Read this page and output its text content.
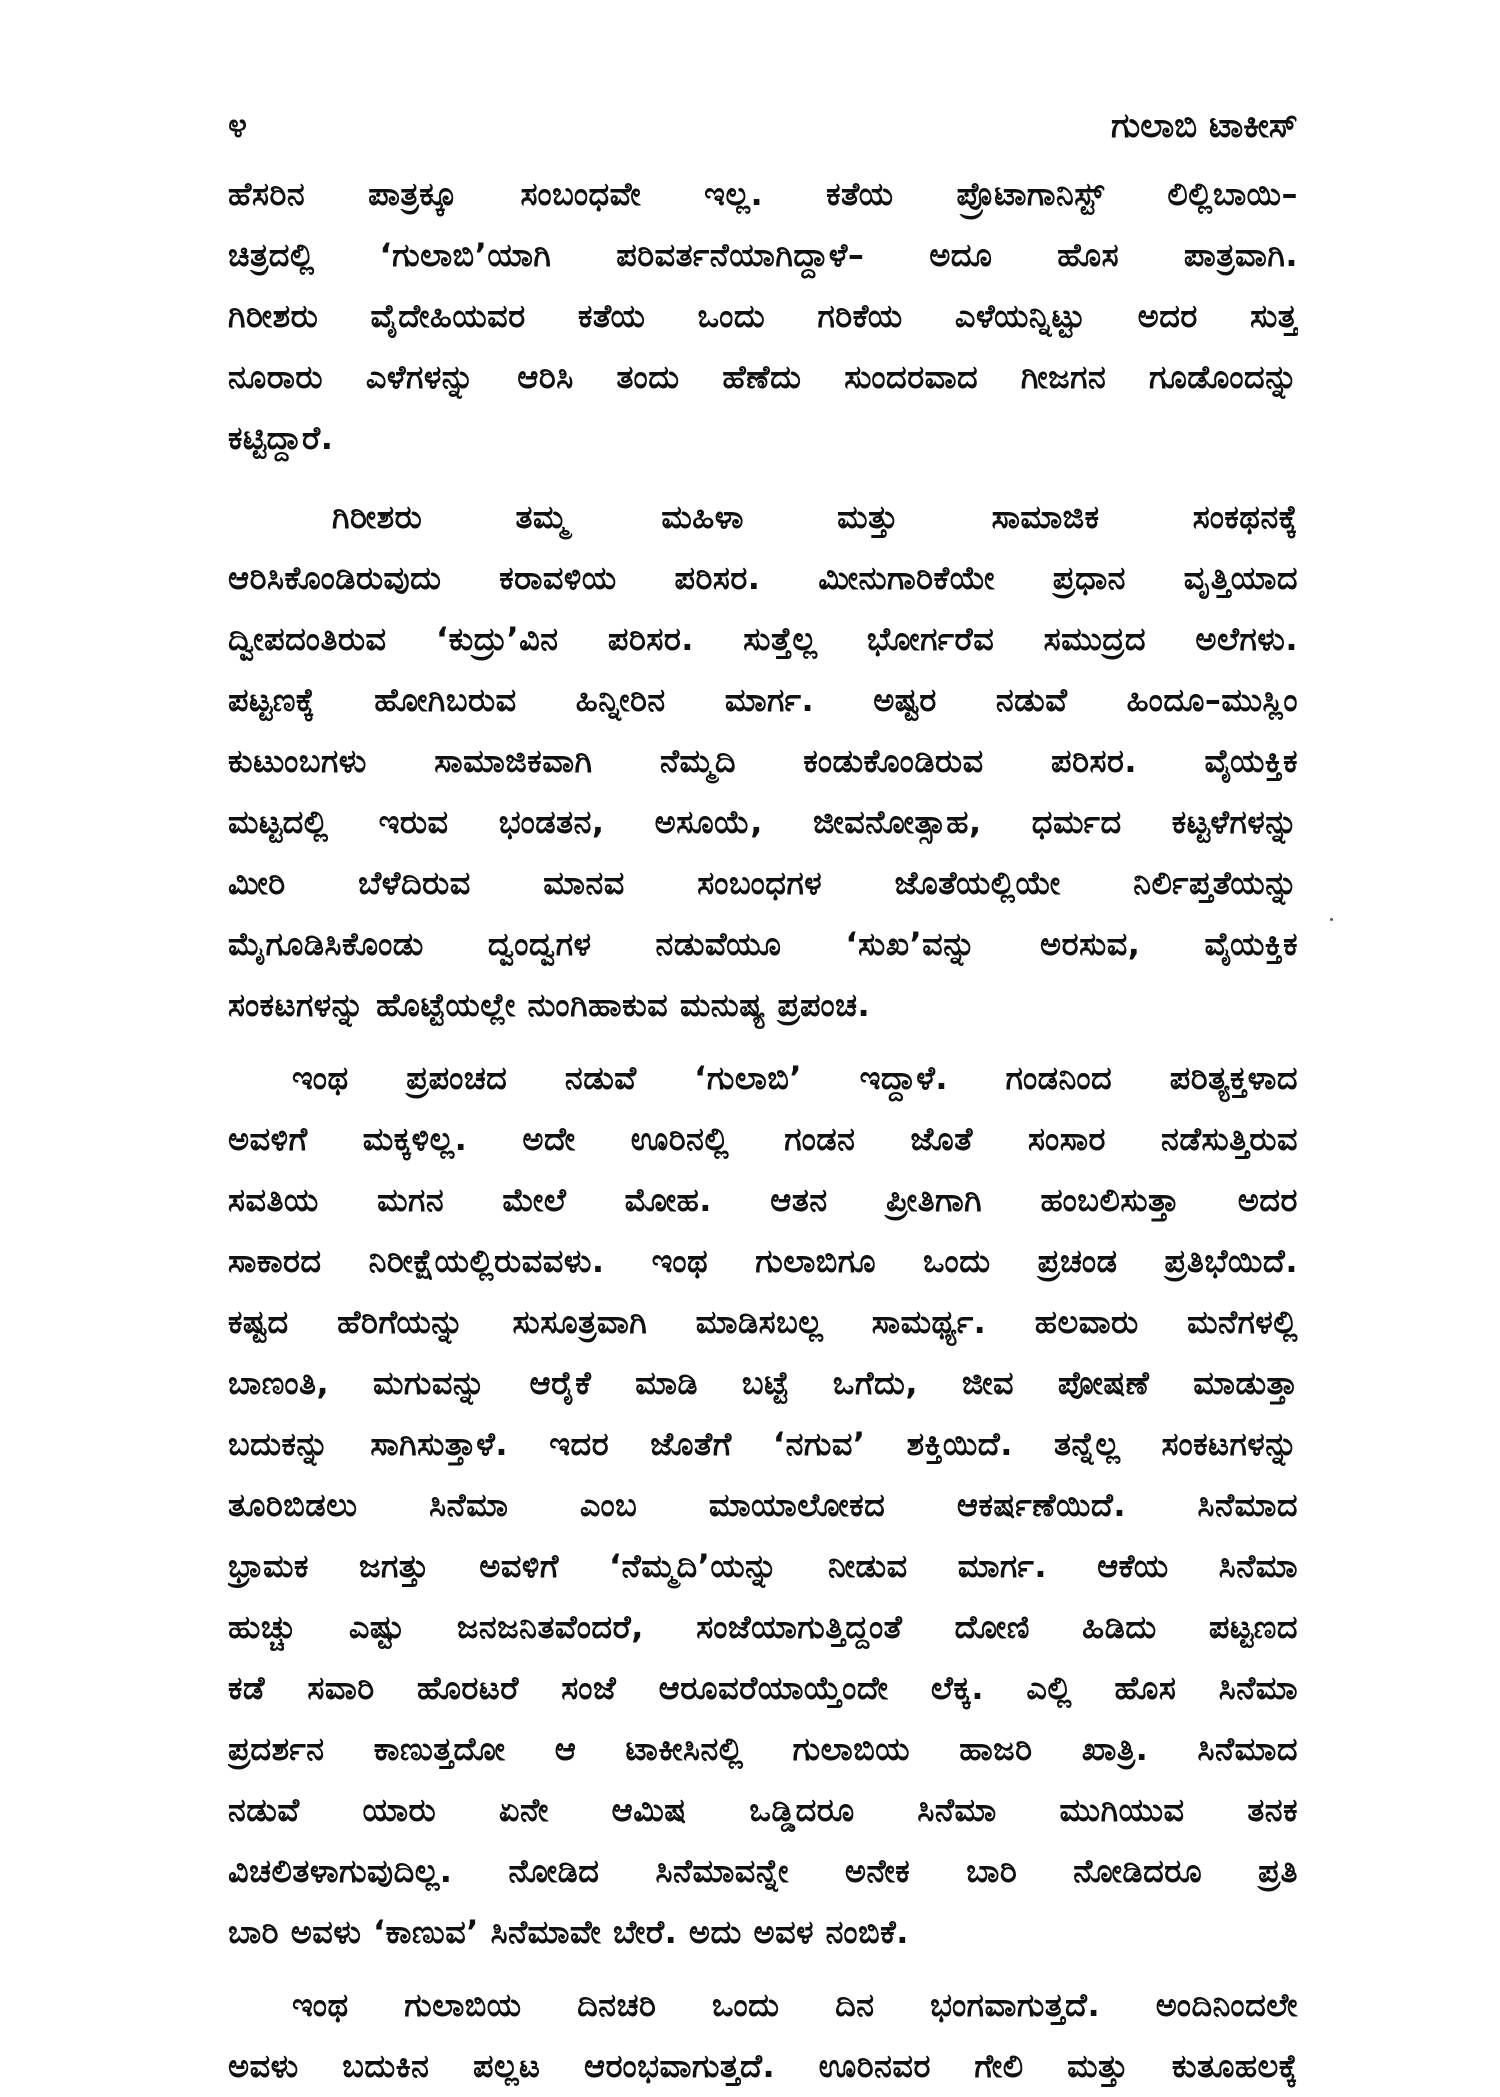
೪	ಗುಲಾಬಿ ಟಾಕೀಸ್

ಹೆಸರಿನ ಪಾತ್ರಕ್ಕೂ ಸಂಬಂಧವೇ ಇಲ್ಲ. ಕತೆಯ ಪ್ರೊಟಾಗಾನಿಸ್ಟ್ ಲಿಲ್ಲಿಬಾಯಿ–
ಚಿತ್ರದಲ್ಲಿ ‘ಗುಲಾಬಿ’ಯಾಗಿ ಪರಿವರ್ತನೆಯಾಗಿದ್ದಾಳೆ– ಅದೂ ಹೊಸ ಪಾತ್ರವಾಗಿ.
ಗಿರೀಶರು ವೈದೇಹಿಯವರ ಕತೆಯ ಒಂದು ಗರಿಕೆಯ ಎಳೆಯನ್ನಿಟ್ಟು ಅದರ ಸುತ್ತ
ನೂರಾರು ಎಳೆಗಳನ್ನು ಆರಿಸಿ ತಂದು ಹೆಣೆದು ಸುಂದರವಾದ ಗೀಜಗನ ಗೂಡೊಂದನ್ನು
ಕಟ್ಟಿದ್ದಾರೆ.

ಗಿರೀಶರು ತಮ್ಮ ಮಹಿಳಾ ಮತ್ತು ಸಾಮಾಜಿಕ ಸಂಕಥನಕ್ಕೆ
ಆರಿಸಿಕೊಂಡಿರುವುದು ಕರಾವಳಿಯ ಪರಿಸರ. ಮೀನುಗಾರಿಕೆಯೇ ಪ್ರಧಾನ ವೃತ್ತಿಯಾದ
ದ್ವೀಪದಂತಿರುವ ‘ಕುದ್ರು’ವಿನ ಪರಿಸರ. ಸುತ್ತೆಲ್ಲ ಭೋರ್ಗರೆವ ಸಮುದ್ರದ ಅಲೆಗಳು.
ಪಟ್ಟಣಕ್ಕೆ ಹೋಗಿಬರುವ ಹಿನ್ನೀರಿನ ಮಾರ್ಗ. ಅಷ್ಟರ ನಡುವೆ ಹಿಂದೂ–ಮುಸ್ಲಿಂ
ಕುಟುಂಬಗಳು ಸಾಮಾಜಿಕವಾಗಿ ನೆಮ್ಮದಿ ಕಂಡುಕೊಂಡಿರುವ ಪರಿಸರ. ವೈಯಕ್ತಿಕ
ಮಟ್ಟದಲ್ಲಿ ಇರುವ ಭಂಡತನ, ಅಸೂಯೆ, ಜೀವನೋತ್ಸಾಹ, ಧರ್ಮದ ಕಟ್ಟಳೆಗಳನ್ನು
ಮೀರಿ ಬೆಳೆದಿರುವ ಮಾನವ ಸಂಬಂಧಗಳ ಜೊತೆಯಲ್ಲಿಯೇ ನಿರ್ಲಿಪ್ತತೆಯನ್ನು
ಮೈಗೂಡಿಸಿಕೊಂಡು ದ್ವಂದ್ವಗಳ ನಡುವೆಯೂ ‘ಸುಖ’ವನ್ನು ಅರಸುವ, ವೈಯಕ್ತಿಕ
ಸಂಕಟಗಳನ್ನು ಹೊಟ್ಟೆಯಲ್ಲೇ ನುಂಗಿಹಾಕುವ ಮನುಷ್ಯ ಪ್ರಪಂಚ.

ಇಂಥ ಪ್ರಪಂಚದ ನಡುವೆ ‘ಗುಲಾಬಿ’ ಇದ್ದಾಳೆ. ಗಂಡನಿಂದ ಪರಿತ್ಯಕ್ತಳಾದ
ಅವಳಿಗೆ ಮಕ್ಕಳಿಲ್ಲ. ಅದೇ ಊರಿನಲ್ಲಿ ಗಂಡನ ಜೊತೆ ಸಂಸಾರ ನಡೆಸುತ್ತಿರುವ
ಸವತಿಯ ಮಗನ ಮೇಲೆ ಮೋಹ. ಆತನ ಪ್ರೀತಿಗಾಗಿ ಹಂಬಲಿಸುತ್ತಾ ಅದರ
ಸಾಕಾರದ ನಿರೀಕ್ಷೆಯಲ್ಲಿರುವವಳು. ಇಂಥ ಗುಲಾಬಿಗೂ ಒಂದು ಪ್ರಚಂಡ ಪ್ರತಿಭೆಯಿದೆ.
ಕಷ್ಟದ ಹೆರಿಗೆಯನ್ನು ಸುಸೂತ್ರವಾಗಿ ಮಾಡಿಸಬಲ್ಲ ಸಾಮರ್ಥ್ಯ. ಹಲವಾರು ಮನೆಗಳಲ್ಲಿ
ಬಾಣಂತಿ, ಮಗುವನ್ನು ಆರೈಕೆ ಮಾಡಿ ಬಟ್ಟೆ ಒಗೆದು, ಜೀವ ಪೋಷಣೆ ಮಾಡುತ್ತಾ
ಬದುಕನ್ನು ಸಾಗಿಸುತ್ತಾಳೆ. ಇದರ ಜೊತೆಗೆ ‘ನಗುವ’ ಶಕ್ತಿಯಿದೆ. ತನ್ನೆಲ್ಲ ಸಂಕಟಗಳನ್ನು
ತೂರಿಬಿಡಲು ಸಿನೆಮಾ ಎಂಬ ಮಾಯಾಲೋಕದ ಆಕರ್ಷಣೆಯಿದೆ. ಸಿನೆಮಾದ
ಭ್ರಾಮಕ ಜಗತ್ತು ಅವಳಿಗೆ ‘ನೆಮ್ಮದಿ’ಯನ್ನು ನೀಡುವ ಮಾರ್ಗ. ಆಕೆಯ ಸಿನೆಮಾ
ಹುಚ್ಚು ಎಷ್ಟು ಜನಜನಿತವೆಂದರೆ, ಸಂಜೆಯಾಗುತ್ತಿದ್ದಂತೆ ದೋಣಿ ಹಿಡಿದು ಪಟ್ಟಣದ
ಕಡೆ ಸವಾರಿ ಹೊರಟರೆ ಸಂಜೆ ಆರೂವರೆಯಾಯ್ತೆಂದೇ ಲೆಕ್ಕ. ಎಲ್ಲಿ ಹೊಸ ಸಿನೆಮಾ
ಪ್ರದರ್ಶನ ಕಾಣುತ್ತದೋ ಆ ಟಾಕೀಸಿನಲ್ಲಿ ಗುಲಾಬಿಯ ಹಾಜರಿ ಖಾತ್ರಿ. ಸಿನೆಮಾದ
ನಡುವೆ ಯಾರು ಏನೇ ಆಮಿಷ ಒಡ್ಡಿದರೂ ಸಿನೆಮಾ ಮುಗಿಯುವ ತನಕ
ವಿಚಲಿತಳಾಗುವುದಿಲ್ಲ. ನೋಡಿದ ಸಿನೆಮಾವನ್ನೇ ಅನೇಕ ಬಾರಿ ನೋಡಿದರೂ ಪ್ರತಿ
ಬಾರಿ ಅವಳು ‘ಕಾಣುವ’ ಸಿನೆಮಾವೇ ಬೇರೆ. ಅದು ಅವಳ ನಂಬಿಕೆ.

ಇಂಥ ಗುಲಾಬಿಯ ದಿನಚರಿ ಒಂದು ದಿನ ಭಂಗವಾಗುತ್ತದೆ. ಅಂದಿನಿಂದಲೇ
ಅವಳು ಬದುಕಿನ ಪಲ್ಲಟ ಆರಂಭವಾಗುತ್ತದೆ. ಊರಿನವರ ಗೇಲಿ ಮತ್ತು ಕುತೂಹಲಕ್ಕೆ
